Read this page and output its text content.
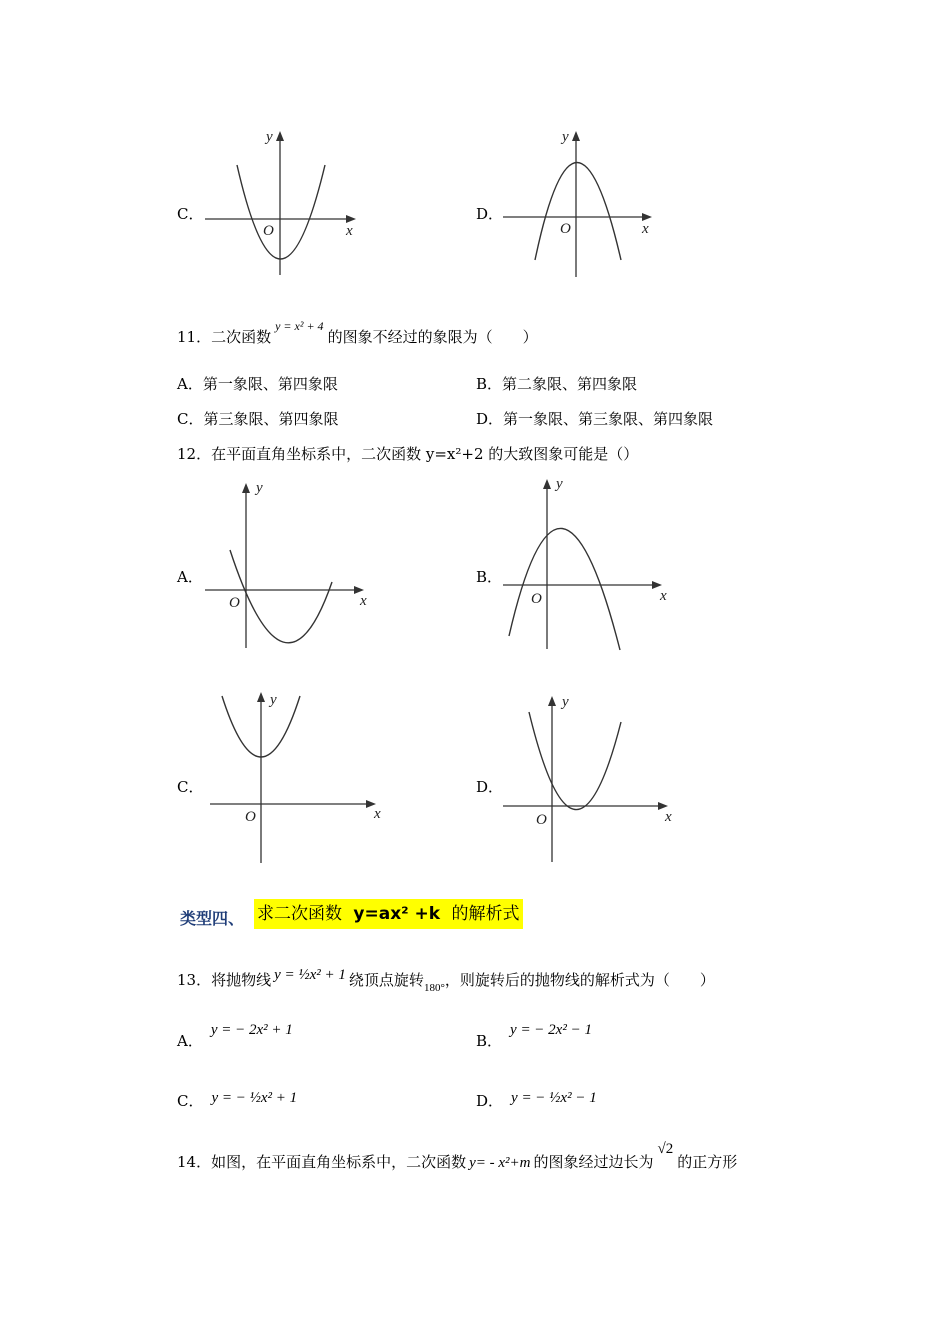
C．
y
x
O
D．
y
x
O
11．二次函数$^{y = x^2 + 4}$的图象不经过的象限为（　　）
A．第一象限、第四象限	B．第二象限、第四象限
C．第三象限、第四象限	D．第一象限、第三象限、第四象限
12．在平面直角坐标系中，二次函数 y=x²+2 的大致图象可能是（）
A．
y
x
O
B．
y
x
O
C．
y
x
O
D．
y
x
O
类型四、 求二次函数 y=ax² +k 的解析式
13．将抛物线 y = ½x² + 1 绕顶点旋转$_{180^\circ}$，则旋转后的抛物线的解析式为（　　）
A．y = − 2x² + 1
B．y = − 2x² − 1
C． y = − ½x² + 1	D． y = − ½x² − 1
14．如图，在平面直角坐标系中，二次函数 y= - x²+m 的图象经过边长为√2的正方形
